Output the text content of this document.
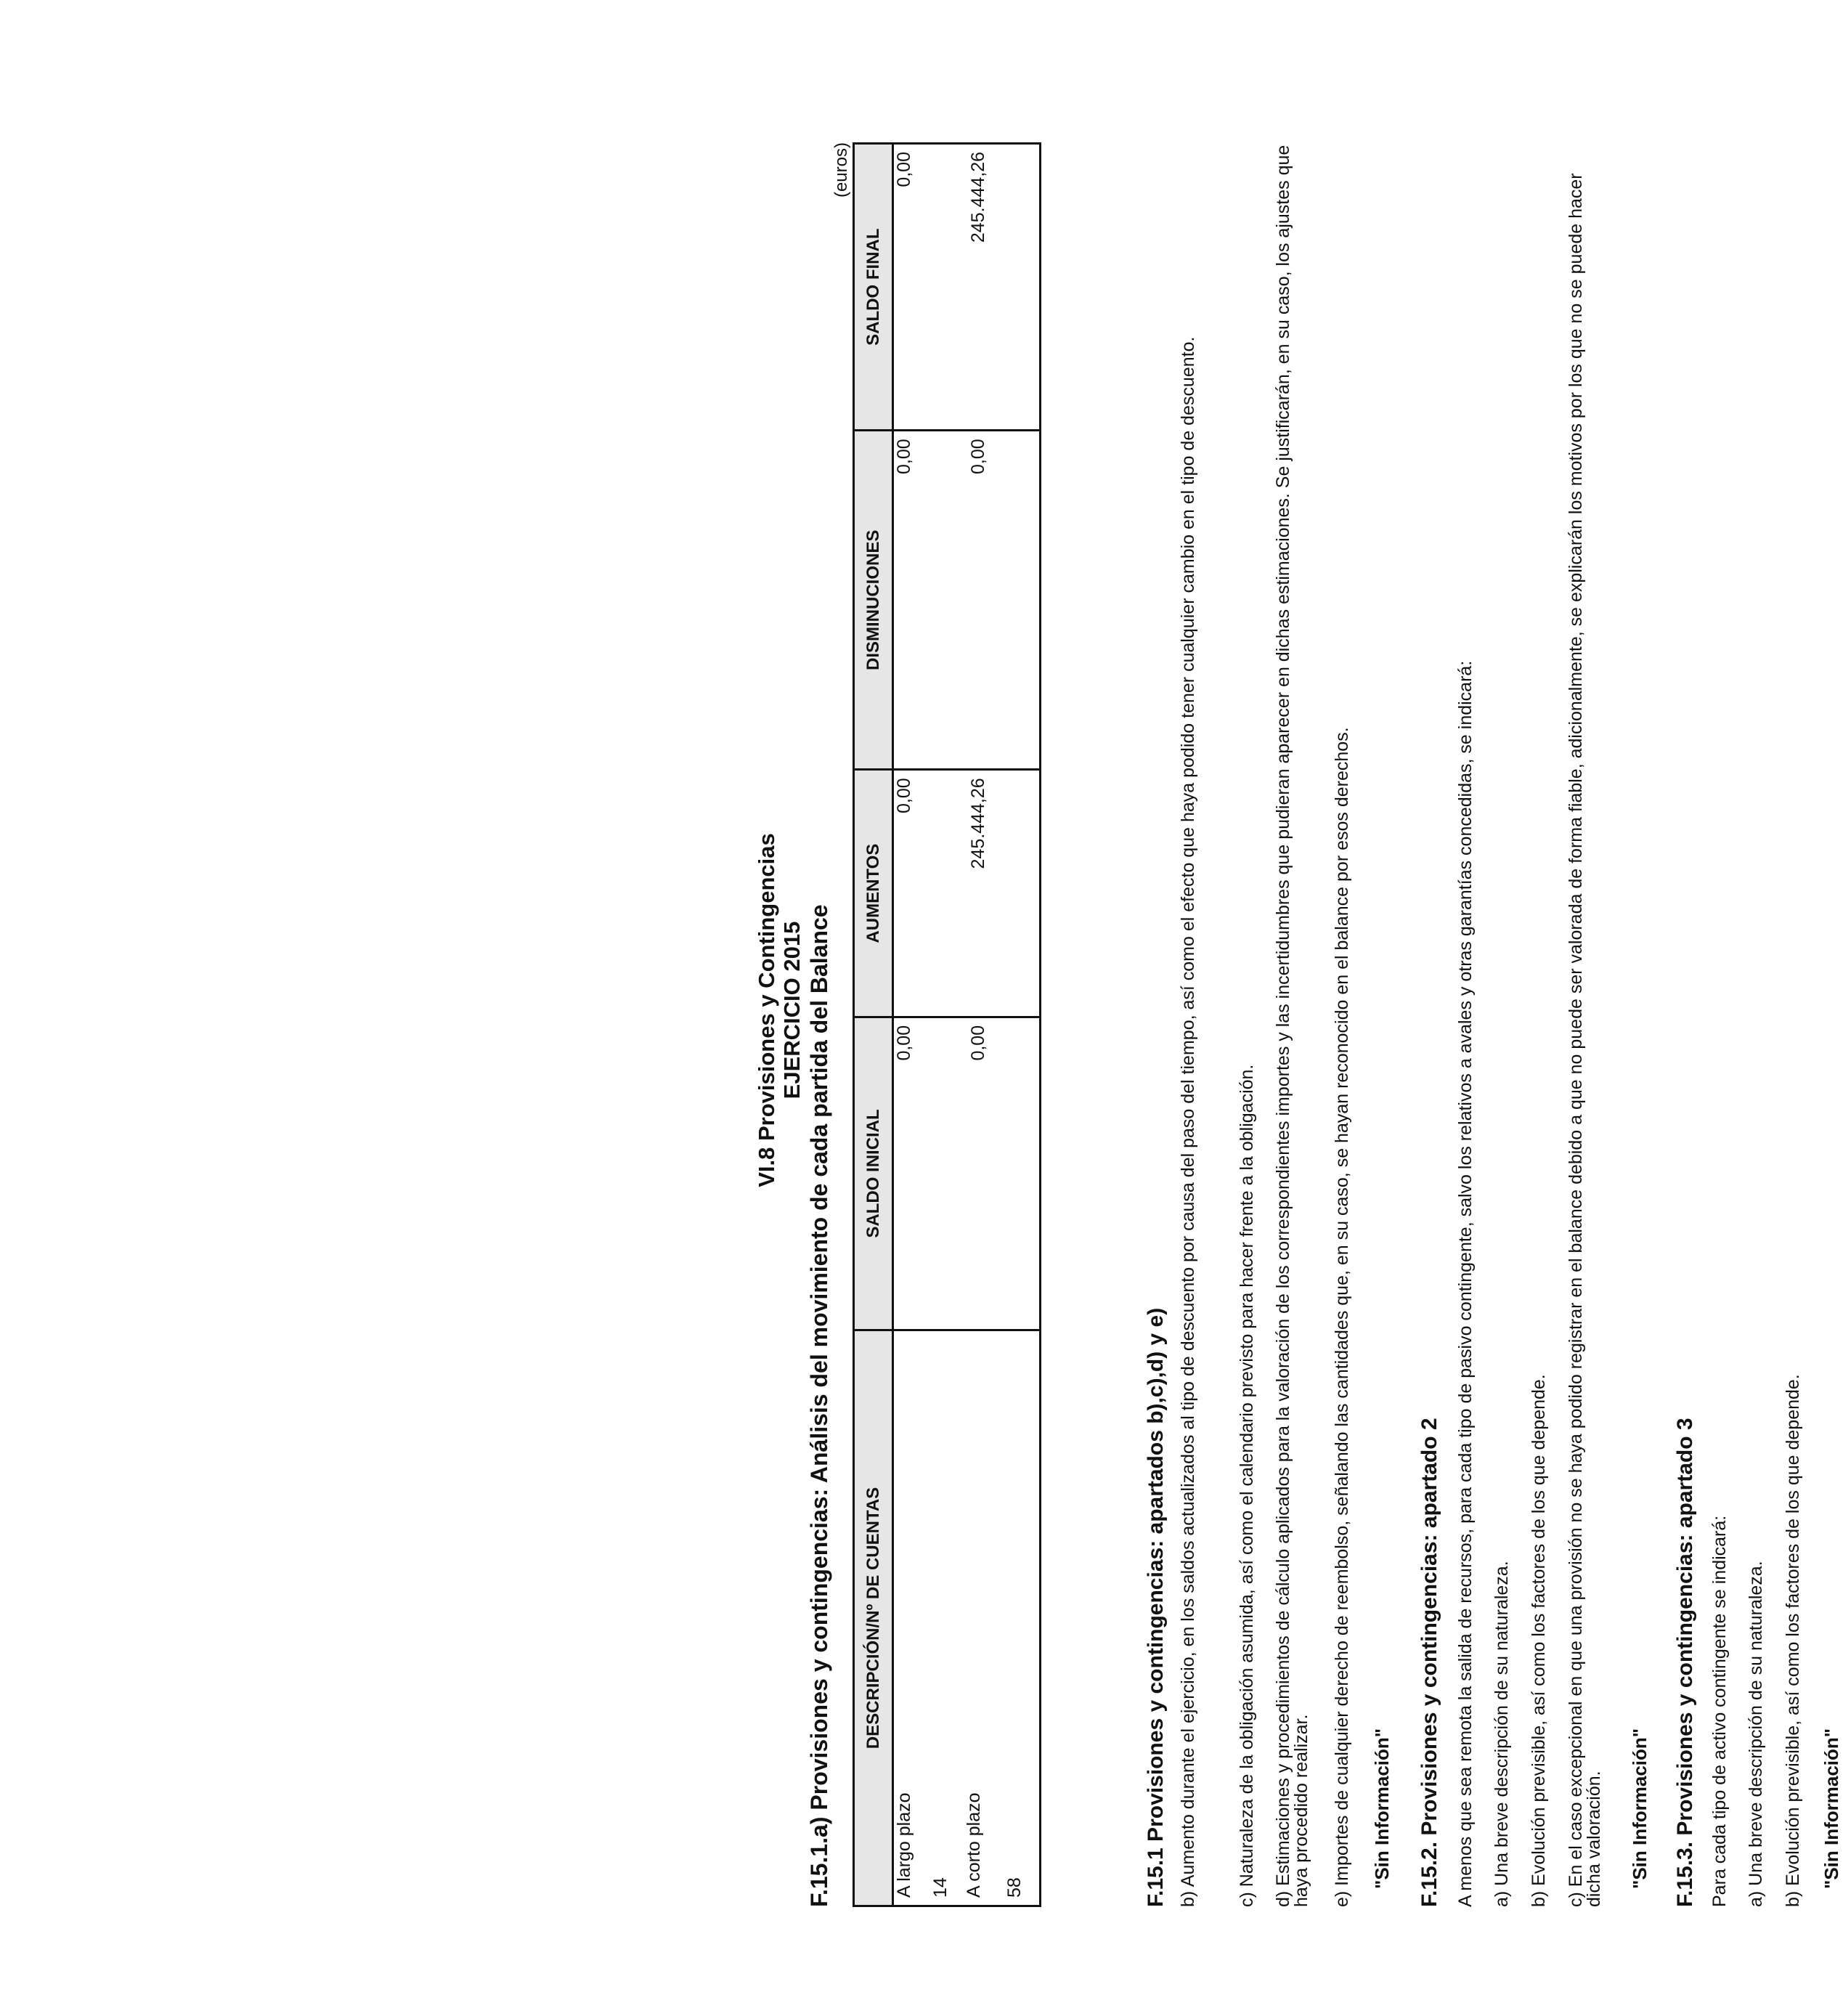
VI.8 Provisiones y Contingencias EJERCICIO 2015 F.15.1.a) Provisiones y contingencias: Análisis del movimiento de cada partida del Balance
(euros)
DESCRIPCIÓN/Nº DE CUENTAS	SALDO INICIAL	AUMENTOS	DISMINUCIONES	SALDO FINAL
A largo plazo	0,00	0,00	0,00	0,00
14				
A corto plazo	0,00	245.444,26	0,00	245.444,26
58					F.15.1 Provisiones y contingencias: apartados b),c),d) y e) b) Aumento durante el ejercicio, en los saldos actualizados al tipo de descuento por causa del paso del tiempo, así como el efecto que haya podido tener cualquier cambio en el tipo de descuento. c) Naturaleza de la obligación asumida, así como el calendario previsto para hacer frente a la obligación. d) Estimaciones y procedimientos de cálculo aplicados para la valoración de los correspondientes importes y las incertidumbres que pudieran aparecer en dichas estimaciones. Se justificarán, en su caso, los ajustes que haya procedido realizar. e) Importes de cualquier derecho de reembolso, señalando las cantidades que, en su caso, se hayan reconocido en el balance por esos derechos. "Sin Información" F.15.2. Provisiones y contingencias: apartado 2 A menos que sea remota la salida de recursos, para cada tipo de pasivo contingente, salvo los relativos a avales y otras garantías concedidas, se indicará: a) Una breve descripción de su naturaleza. b) Evolución previsible, así como los factores de los que depende. c) En el caso excepcional en que una provisión no se haya podido registrar en el balance debido a que no puede ser valorada de forma fiable, adicionalmente, se explicarán los motivos por los que no se puede hacer dicha valoración. "Sin Información" F.15.3. Provisiones y contingencias: apartado 3 Para cada tipo de activo contingente se indicará: a) Una breve descripción de su naturaleza. b) Evolución previsible, así como los factores de los que depende. "Sin Información"
